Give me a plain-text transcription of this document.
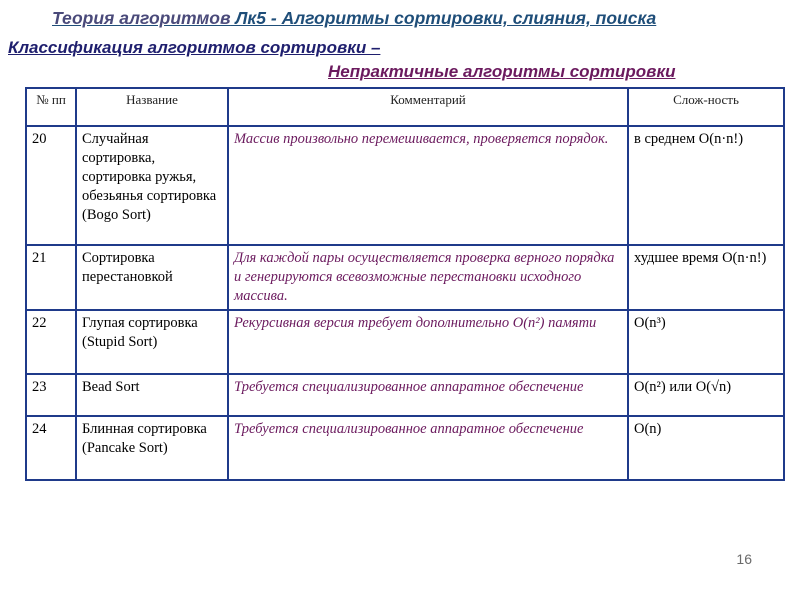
Теория алгоритмов Лк5 - Алгоритмы сортировки, слияния, поиска
Классификация алгоритмов сортировки –
Непрактичные алгоритмы сортировки
№ пп	Название	Комментарий	Слож-ность
20	Случайная сортировка, сортировка ружья, обезьянья сортировка (Bogo Sort)	Массив произвольно перемешивается, проверяется порядок.	в среднем O(n·n!)
21	Сортировка перестановкой	Для каждой пары осуществляется проверка верного порядка и генерируются всевозможные перестановки исходного массива.	худшее время O(n·n!)
22	Глупая сортировка (Stupid Sort)	Рекурсивная версия требует дополнительно O(n²) памяти	O(n³)
23	Bead Sort	Требуется специализированное аппаратное обеспечение	O(n²) или O(√n)
24	Блинная сортировка (Pancake Sort)	Требуется специализированное аппаратное обеспечение	O(n)
16
